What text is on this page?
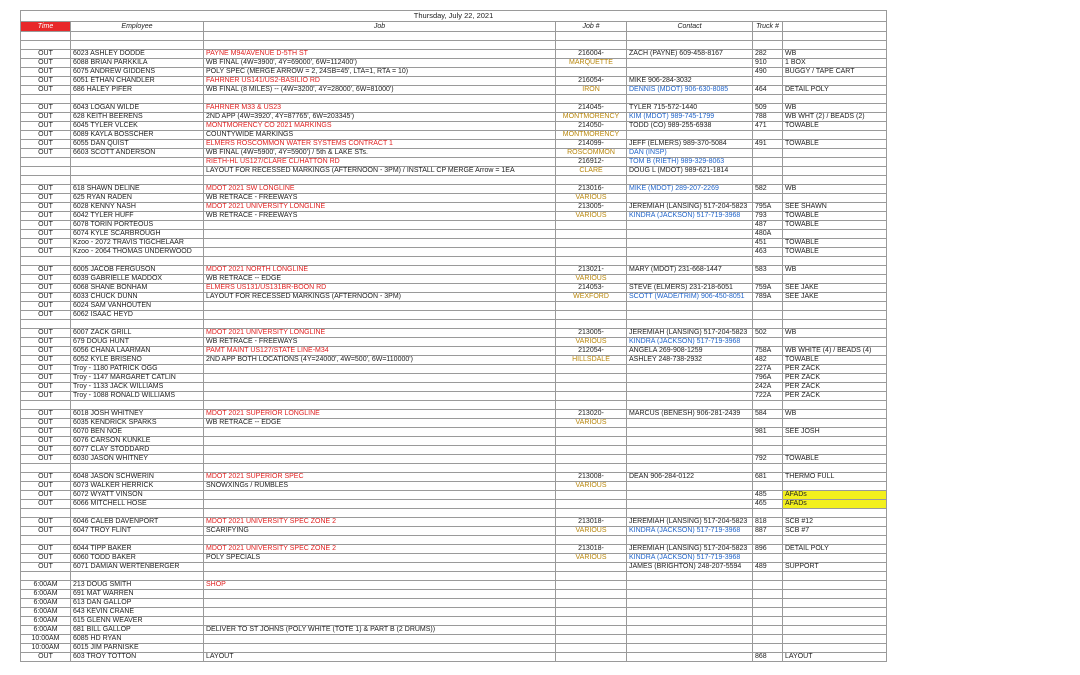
Thursday, July 22, 2021						
Time	Employee	Job	Job #	Contact	Truck #	

OUT	6023 ASHLEY DODDE	PAYNE M94/AVENUE D-5TH ST	216004-	ZACH (PAYNE) 609-458-8167	282	WB
OUT	6088 BRIAN PARKKILA	WB FINAL (4W=3900', 4Y=69000', 6W=112400')	MARQUETTE		910	1 BOX
OUT	6075 ANDREW GIDDENS	POLY SPEC (MERGE ARROW = 2, 24SB=45', LTA=1, RTA = 10)			490	BUGGY / TAPE CART
OUT	6051 ETHAN CHANDLER	FAHRNER US141/US2-BASILIO RD	216054-	MIKE 906-284-3032		
OUT	686 HALEY PIFER	WB FINAL (8 MILES) -- (4W=3200', 4Y=28000', 6W=81000')	IRON	DENNIS (MDOT) 906-630-8085	464	DETAIL POLY

OUT	6043 LOGAN WILDE	FAHRNER M33 & US23	214045-	TYLER 715-572-1440	509	WB
OUT	628 KEITH BEERENS	2ND APP (4W=3920', 4Y=87765', 6W=203345')	MONTMORENCY	KIM (MDOT) 989-745-1799	788	WB WHT (2) / BEADS (2)
OUT	6045 TYLER VLCEK	MONTMORENCY CO 2021 MARKINGS	214050-	TODD (CO) 989-255-6938	471	TOWABLE
OUT	6089 KAYLA BOSSCHER	COUNTYWIDE MARKINGS	MONTMORENCY			
OUT	6055 DAN QUIST	ELMERS ROSCOMMON WATER SYSTEMS CONTRACT 1	214099-	JEFF (ELMERS) 989-370-5084	491	TOWABLE
OUT	6603 SCOTT ANDERSON	WB FINAL (4W=5900', 4Y=5900') / 5th & LAKE STs.	ROSCOMMON	DAN (INSP)		
		RIETH-HL US127/CLARE CL/HATTON RD	216912-	TOM B (RIETH) 989-329-8063		
		LAYOUT FOR RECESSED MARKINGS (AFTERNOON - 3PM) / INSTALL CP MERGE Arrow = 1EA	CLARE	DOUG L (MDOT) 989-621-1814		

OUT	618 SHAWN DELINE	MDOT 2021 SW LONGLINE	213016-	MIKE (MDOT) 289-207-2269	582	WB
OUT	625 RYAN RADEN	WB RETRACE - FREEWAYS	VARIOUS			
OUT	6028 KENNY NASH	MDOT 2021 UNIVERSITY LONGLINE	213005-	JEREMIAH (LANSING) 517-204-5823	795A	SEE SHAWN
OUT	6042 TYLER HUFF	WB RETRACE - FREEWAYS	VARIOUS	KINDRA (JACKSON) 517-719-3968	793	TOWABLE
OUT	6078 TORIN PORTEOUS				487	TOWABLE
OUT	6074 KYLE SCARBROUGH				480A	
OUT	Kzoo - 2072 TRAVIS TIGCHELAAR				451	TOWABLE
OUT	Kzoo - 2064 THOMAS UNDERWOOD				463	TOWABLE

OUT	6005 JACOB FERGUSON	MDOT 2021 NORTH LONGLINE	213021-	MARY (MDOT) 231-668-1447	583	WB
OUT	6039 GABRIELLE MADDOX	WB RETRACE -- EDGE	VARIOUS			
OUT	6068 SHANE BONHAM	ELMERS US131/US131BR-BOON RD	214053-	STEVE (ELMERS) 231-218-6051	759A	SEE JAKE
OUT	6033 CHUCK DUNN	LAYOUT FOR RECESSED MARKINGS (AFTERNOON - 3PM)	WEXFORD	SCOTT (WADE/TRIM) 906-450-8051	789A	SEE JAKE
OUT	6024 SAM VANHOUTEN					
OUT	6062 ISAAC HEYD					

OUT	6007 ZACK GRILL	MDOT 2021 UNIVERSITY LONGLINE	213005-	JEREMIAH (LANSING) 517-204-5823	502	WB
OUT	679 DOUG HUNT	WB RETRACE - FREEWAYS	VARIOUS	KINDRA (JACKSON) 517-719-3968		
OUT	6056 CHANA LAARMAN	PAMT MAINT US127/STATE LINE-M34	212054-	ANGELA 269-908-1259	758A	WB WHITE (4) / BEADS (4)
OUT	6052 KYLE BRISENO	2ND APP BOTH LOCATIONS (4Y=24000', 4W=500', 6W=110000')	HILLSDALE	ASHLEY 248-738-2932	482	TOWABLE
OUT	Troy - 1180 PATRICK OGG				227A	PER ZACK
OUT	Troy - 1147 MARGARET CATLIN				796A	PER ZACK
OUT	Troy - 1133 JACK WILLIAMS				242A	PER ZACK
OUT	Troy - 1088 RONALD WILLIAMS				722A	PER ZACK

OUT	6018 JOSH WHITNEY	MDOT 2021 SUPERIOR LONGLINE	213020-	MARCUS (BENESH) 906-281-2439	584	WB
OUT	6035 KENDRICK SPARKS	WB RETRACE -- EDGE	VARIOUS			
OUT	6070 BEN NOE				981	SEE JOSH
OUT	6076 CARSON KUNKLE					
OUT	6077 CLAY STODDARD					
OUT	6030 JASON WHITNEY				792	TOWABLE

OUT	6048 JASON SCHWERIN	MDOT 2021 SUPERIOR SPEC	213008-	DEAN 906-284-0122	681	THERMO FULL
OUT	6073 WALKER HERRICK	SNOWXINGs / RUMBLES	VARIOUS			
OUT	6072 WYATT VINSON				485	AFADs
OUT	6066 MITCHELL HOSE				465	AFADs

OUT	6046 CALEB DAVENPORT	MDOT 2021 UNIVERSITY SPEC ZONE 2	213018-	JEREMIAH (LANSING) 517-204-5823	818	SCB #12
OUT	6047 TROY FLINT	SCARIFYING	VARIOUS	KINDRA (JACKSON) 517-719-3968	887	SCB #7

OUT	6044 TIPP BAKER	MDOT 2021 UNIVERSITY SPEC ZONE 2	213018-	JEREMIAH (LANSING) 517-204-5823	896	DETAIL POLY
OUT	6060 TODD BAKER	POLY SPECIALS	VARIOUS	KINDRA (JACKSON) 517-719-3968		
OUT	6071 DAMIAN WERTENBERGER			JAMES (BRIGHTON) 248-207-5594	489	SUPPORT

6:00AM	213 DOUG SMITH	SHOP				
6:00AM	691 MAT WARREN					
6:00AM	613 DAN GALLOP					
6:00AM	643 KEVIN CRANE					
6:00AM	615 GLENN WEAVER					
6:00AM	681 BILL GALLOP	DELIVER TO ST JOHNS (POLY WHITE (TOTE 1) & PART B (2 DRUMS))				
10:00AM	6085 HD RYAN					
10:00AM	6015 JIM PARNISKE					
OUT	603 TROY TOTTON	LAYOUT			868	LAYOUT
